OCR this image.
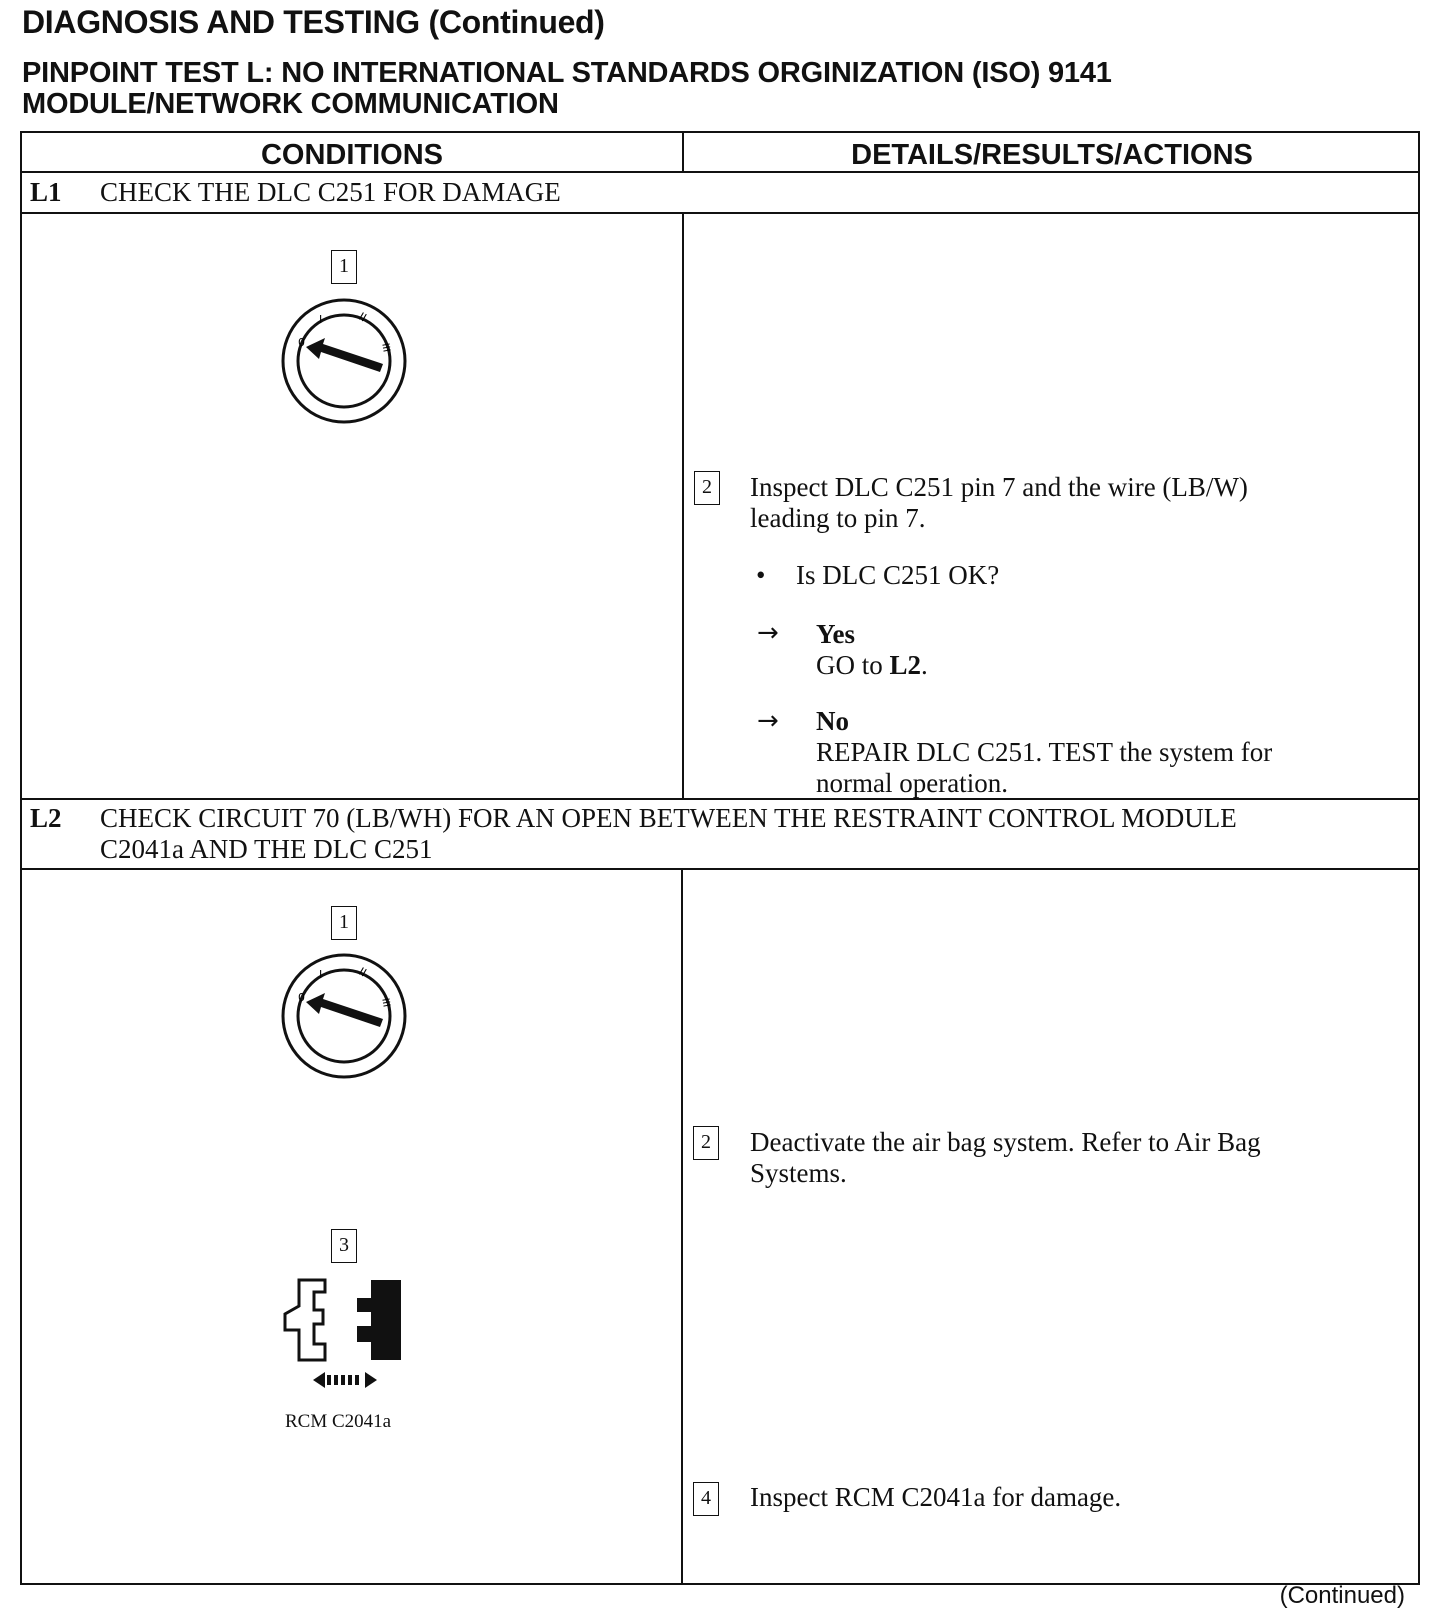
DIAGNOSIS AND TESTING (Continued)
PINPOINT TEST L: NO INTERNATIONAL STANDARDS ORGINIZATION (ISO) 9141
MODULE/NETWORK COMMUNICATION
CONDITIONS	DETAILS/RESULTS/ACTIONS
L1 CHECK THE DLC C251 FOR DAMAGE
1
0
I	II
III
2 Inspect DLC C251 pin 7 and the wire (LB/W)
leading to pin 7.
• Is DLC C251 OK?
→ Yes
GO to L2.
→ No
REPAIR DLC C251. TEST the system for
normal operation.
L2 CHECK CIRCUIT 70 (LB/WH) FOR AN OPEN BETWEEN THE RESTRAINT CONTROL MODULE
C2041a AND THE DLC C251
1
0
I	II
III
3
RCM C2041a
2 Deactivate the air bag system. Refer to Air Bag
Systems.
4 Inspect RCM C2041a for damage.
(Continued)
